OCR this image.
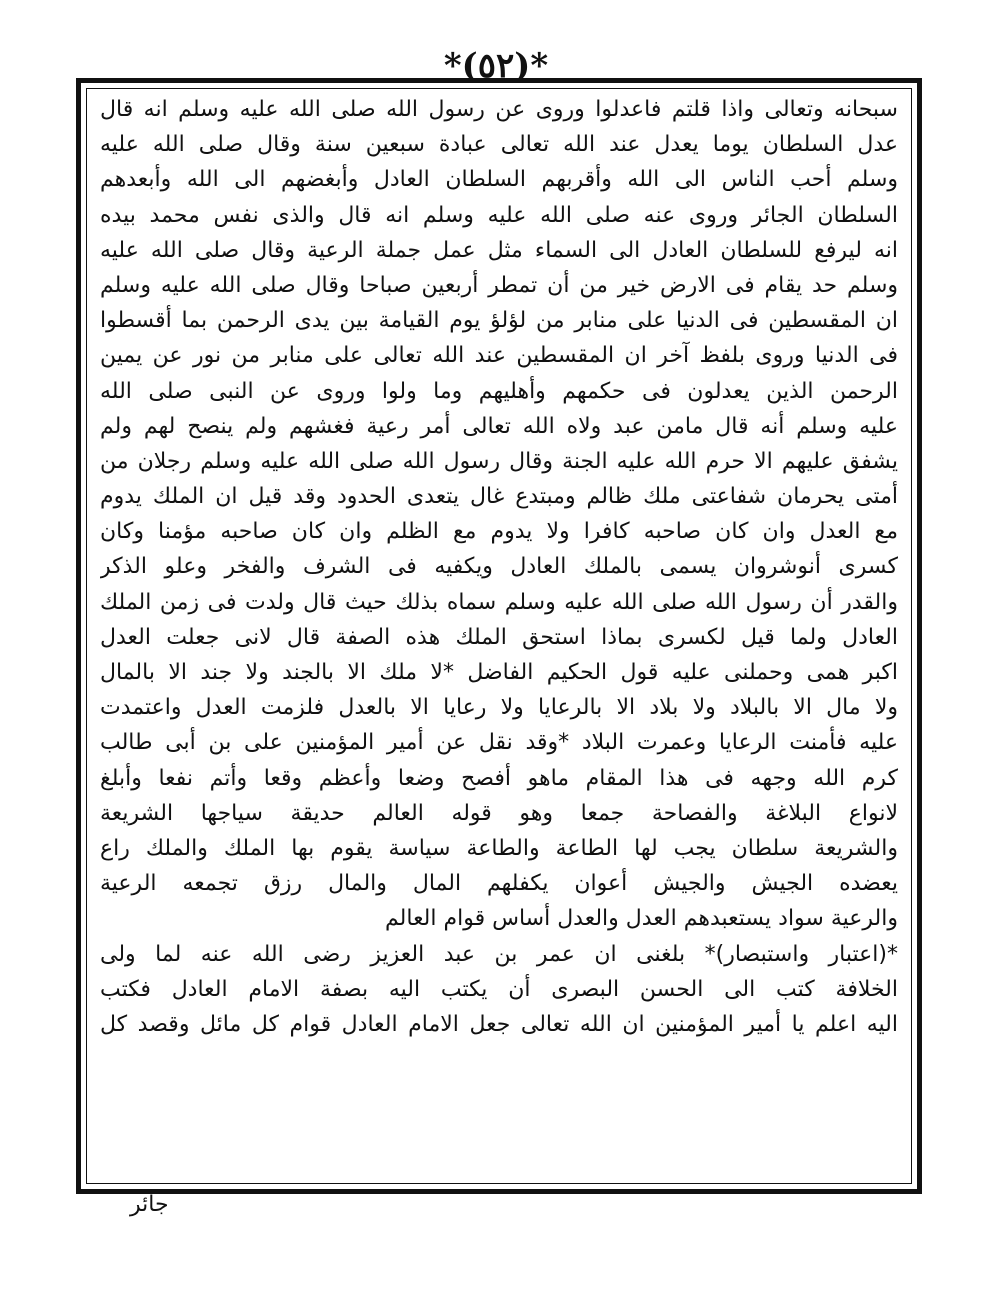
*(٥٢)*
سبحانه وتعالى واذا قلتم فاعدلوا وروى عن رسول الله صلى الله عليه وسلم انه قال
عدل السلطان يوما يعدل عند الله تعالى عبادة سبعين سنة وقال صلى الله عليه
وسلم أحب الناس الى الله وأقربهم السلطان العادل وأبغضهم الى الله وأبعدهم
السلطان الجائر وروى عنه صلى الله عليه وسلم انه قال والذى نفس محمد بيده
انه ليرفع للسلطان العادل الى السماء مثل عمل جملة الرعية وقال صلى الله عليه
وسلم حد يقام فى الارض خير من أن تمطر أربعين صباحا وقال صلى الله عليه وسلم
ان المقسطين فى الدنيا على منابر من لؤلؤ يوم القيامة بين يدى الرحمن بما أقسطوا
فى الدنيا وروى بلفظ آخر ان المقسطين عند الله تعالى على منابر من نور عن يمين
الرحمن الذين يعدلون فى حكمهم وأهليهم وما ولوا وروى عن النبى صلى الله
عليه وسلم أنه قال مامن عبد ولاه الله تعالى أمر رعية فغشهم ولم ينصح لهم ولم
يشفق عليهم الا حرم الله عليه الجنة وقال رسول الله صلى الله عليه وسلم رجلان من
أمتى يحرمان شفاعتى ملك ظالم ومبتدع غال يتعدى الحدود وقد قيل ان الملك يدوم
مع العدل وان كان صاحبه كافرا ولا يدوم مع الظلم وان كان صاحبه مؤمنا وكان
كسرى أنوشروان يسمى بالملك العادل ويكفيه فى الشرف والفخر وعلو الذكر
والقدر أن رسول الله صلى الله عليه وسلم سماه بذلك حيث قال ولدت فى زمن الملك
العادل ولما قيل لكسرى بماذا استحق الملك هذه الصفة قال لانى جعلت العدل
اكبر همى وحملنى عليه قول الحكيم الفاضل *لا ملك الا بالجند ولا جند الا بالمال
ولا مال الا بالبلاد ولا بلاد الا بالرعايا ولا رعايا الا بالعدل فلزمت العدل واعتمدت
عليه فأمنت الرعايا وعمرت البلاد *وقد نقل عن أمير المؤمنين على بن أبى طالب
كرم الله وجهه فى هذا المقام ماهو أفصح وضعا وأعظم وقعا وأتم نفعا وأبلغ
لانواع البلاغة والفصاحة جمعا وهو قوله العالم حديقة سياجها الشريعة
والشريعة سلطان يجب لها الطاعة والطاعة سياسة يقوم بها الملك والملك راع
يعضده الجيش والجيش أعوان يكفلهم المال والمال رزق تجمعه الرعية
والرعية سواد يستعبدهم العدل والعدل أساس قوام العالم
*(اعتبار واستبصار)* بلغنى ان عمر بن عبد العزيز رضى الله عنه لما ولى
الخلافة كتب الى الحسن البصرى أن يكتب اليه بصفة الامام العادل فكتب
اليه اعلم يا أمير المؤمنين ان الله تعالى جعل الامام العادل قوام كل مائل وقصد كل
جائر
